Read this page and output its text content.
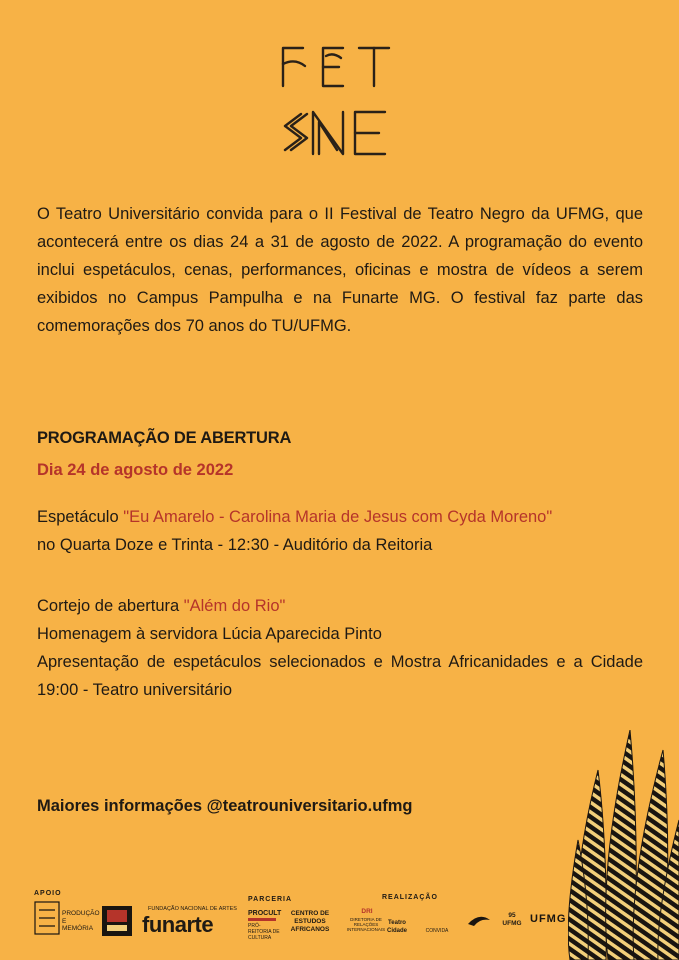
O Teatro Universitário convida para o II Festival de Teatro Negro da UFMG, que acontecerá entre os dias 24 a 31 de agosto de 2022. A programação do evento inclui espetáculos, cenas, performances, oficinas e mostra de vídeos a serem exibidos no Campus Pampulha e na Funarte MG. O festival faz parte das comemorações dos 70 anos do TU/UFMG.
PROGRAMAÇÃO DE ABERTURA
Dia 24 de agosto de 2022
Espetáculo "Eu Amarelo - Carolina Maria de Jesus com Cyda Moreno"
no Quarta Doze e Trinta - 12:30 - Auditório da Reitoria
Cortejo de abertura "Além do Rio"
Homenagem à servidora Lúcia Aparecida Pinto
Apresentação de espetáculos selecionados e Mostra Africanidades e a Cidade 19:00 - Teatro universitário
Maiores informações @teatrouniversitario.ufmg
APOIO
PRODUÇÃO E MEMÓRIA
FUNDAÇÃO NACIONAL DE ARTES
funarte
PARCERIA
PROCULT
PRÓ-REITORIA DE CULTURA
CENTRO DE ESTUDOS AFRICANOS
REALIZAÇÃO
DRI
DIRETORIA DE RELAÇÕES INTERNACIONAIS
Teatro Cidade	CONVIDA
95 UFMG UFMG
